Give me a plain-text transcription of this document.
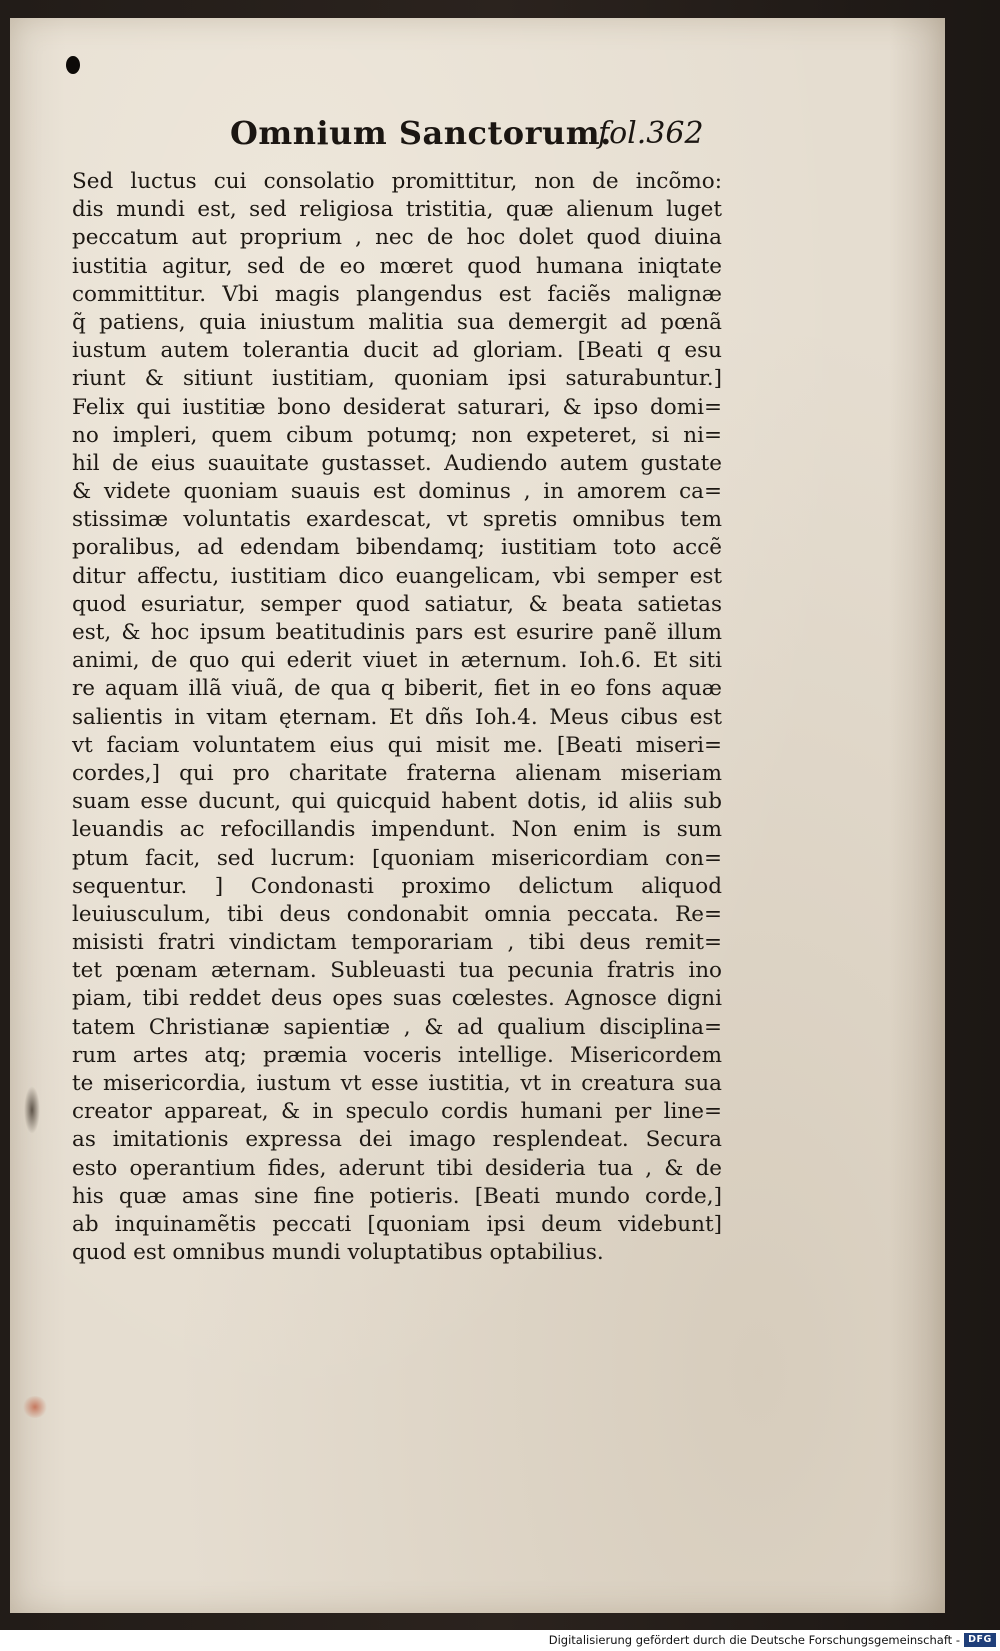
Omnium Sanctorum.
fol.362
Sed luctus cui consolatio promittitur, non de incõmo:
dis mundi est, sed religiosa tristitia, quæ alienum luget
peccatum aut proprium , nec de hoc dolet quod diuina
iustitia agitur, sed de eo mœret quod humana iniqtate
committitur. Vbi magis plangendus est faciẽs malignæ
q̃ patiens, quia iniustum malitia sua demergit ad pœnã
iustum autem tolerantia ducit ad gloriam. [Beati q esu
riunt & sitiunt iustitiam, quoniam ipsi saturabuntur.]
Felix qui iustitiæ bono desiderat saturari, & ipso domi=
no impleri, quem cibum potumq; non expeteret, si ni=
hil de eius suauitate gustasset. Audiendo autem gustate
& videte quoniam suauis est dominus , in amorem ca=
stissimæ voluntatis exardescat, vt spretis omnibus tem
poralibus, ad edendam bibendamq; iustitiam toto accẽ
ditur affectu, iustitiam dico euangelicam, vbi semper est
quod esuriatur, semper quod satiatur, & beata satietas
est, & hoc ipsum beatitudinis pars est esurire panẽ illum
animi, de quo qui ederit viuet in æternum. Ioh.6. Et siti
re aquam illã viuã, de qua q biberit, fiet in eo fons aquæ
salientis in vitam ęternam. Et dñs Ioh.4. Meus cibus est
vt faciam voluntatem eius qui misit me. [Beati miseri=
cordes,] qui pro charitate fraterna alienam miseriam
suam esse ducunt, qui quicquid habent dotis, id aliis sub
leuandis ac refocillandis impendunt. Non enim is sum
ptum facit, sed lucrum: [quoniam misericordiam con=
sequentur. ] Condonasti proximo delictum aliquod
leuiusculum, tibi deus condonabit omnia peccata. Re=
misisti fratri vindictam temporariam , tibi deus remit=
tet pœnam æternam. Subleuasti tua pecunia fratris ino
piam, tibi reddet deus opes suas cœlestes. Agnosce digni
tatem Christianæ sapientiæ , & ad qualium disciplina=
rum artes atq; præmia voceris intellige. Misericordem
te misericordia, iustum vt esse iustitia, vt in creatura sua
creator appareat, & in speculo cordis humani per line=
as imitationis expressa dei imago resplendeat. Secura
esto operantium fides, aderunt tibi desideria tua , & de
his quæ amas sine fine potieris. [Beati mundo corde,]
ab inquinamẽtis peccati [quoniam ipsi deum videbunt]
quod est omnibus mundi voluptatibus optabilius.
Digitalisierung gefördert durch die Deutsche Forschungsgemeinschaft - DFG
